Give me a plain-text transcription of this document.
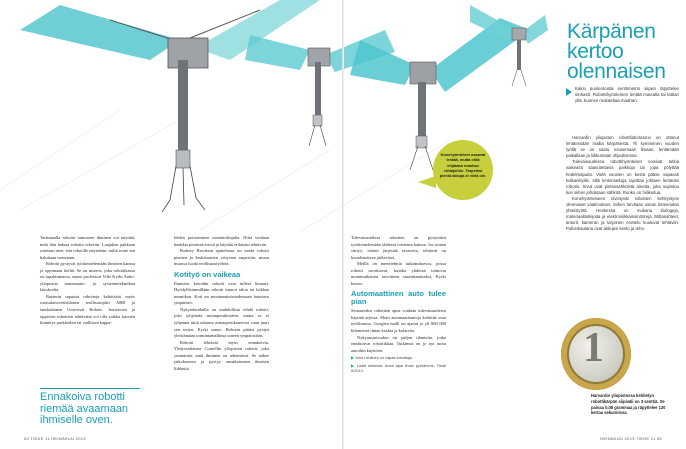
Konehyönteiset osaavat lentää, mutta niitä ohjataan maahan viritajoihin. Tarpeiksi pieniä akkuja ei vielä ole.
Kärpänen
kertoo olennaisen
Kaksi puolentoista senttimetrin siipeä räpyttelee vinhasti. Robottihyönteinen lentää maisalla tai lattian yllä, kunnes mukaeltaa maahan.

Harvardin yliopiston robottilaboratorio on ottanut lentäessään mallia kärpäsestä. Yli kymmenen vuoden työllä se on saatu nousemaan ilmaan, lentämään paikallaan ja liikkumaan ohjauksessa.

Tulevaisuudessa robottihyönteiset voisivat tutkia vaikeasti saavutettavia paikkoja tai jopa pölyttää hedelmäpuita. Vielä vuosien on kestä pääse vapaasti kulkaniityille, sillä lentomatkoja rajoittaa johtaen lentävän robotin, Sivut ovat pietsosähköistä ainetta, joka supistuu kun siihen johdetaan sähköä. Runko on hiilikuitua.

Konehyönteiseen tiivistyvät robottien kehitystyön olennaiset vaatimukset. Siihen tarvitaan usean tieteenalan yhteistyötä. Henkessä on mukana biologeja, materiaalitutkijoita ja elektroniikkainsinöörejä. Mittasuhteet, anturit, kameran ja tarjoinen erottelu kuuluvat tehtäviin. Pullonkaulana ovat akkujen kesto ja teho.

Tarttumalla robotin tuntoseen ihminen voi näyttää, mitä hän haluaa robotin tekevän. Laajakon pakkaan ostetaan nien, että robotille näytetään, miltä esine sen haluttaan nostetaan.

Robotit pystyvät työskentelemään ihmisen kanssa ja oppimaan heiltä. Se on murros, joka robotiikassa on tapahtumassa, sanoo professori Ville Kyrki Aalto-yliopiston automaatio- ja systeemitekniikan laitokselta.

Bazterin tapaisia robotteja kehittävät myös ruotsalaissveitsiläinen teollisuusjätti ABB ja tanskalainen Universal Robots. Joustavien ja oppivien robottien tehtävänä voi olla vaikka kassien kiinnitys purkkeihin tai viallisten kappa-

Ennakoiva robotti riemää avaamaan ihmiselle oven.

leiden poistaminen tuotantolinjalta. Niitä voidaan hankkia pienissä erissä ja käyttää erilaisiin tehtäviin.

Rodney Brooksin ajattelussa on tuoda robotti pienten ja keskisuurten yritysten tarpeisiin, muun muassa luoda teollisuustyöhön.

Kotityö on vaikeaa

Ihmisten kotoihin robotit ovat tulleet hitaasti. Hyödyllisimmillään robotti imuroi talon tai leikkaa nurmikon. Koti on moninaatteisuudessaan haastava ympäristö.

Nykytekniikalla on mahdollista tehdä robotti, joka tyhjentää astianpesukoneen, mutta se ei tyhjennä niitä tahansa astianpesukoneesta vaan juuri sen tietyn. Kyrki sanoo. Robotin pitäisi pystyä yleistämään toimintamallinsa uuteen ympäristöön.

Robotit tehtävät myös ennakoivia. Yhdysvaltaisen Cornellin yliopiston robotti, joka ymmärtää, mitä ihminen on tekemässä. Se näkee jatkokoneen ja pystyy ennakoimaan ihmisen liikkeitä.

Tulevaisuudessa robotien on pystyttävä työskentelemään yhdessä toistensa kanssa. Jos toinen siirtyy, toinen järjestää tavaroita, tehtävät on koordinoitava järkevästi.

Meillä on menetelmiä tutkimuksessa, joissa robotit suorittavat, kuinka yhdessä toimivat monimutkaisen tavoitteen saavuttamiseksi, Kyrki kertoo.

Automaattinen auto tulee pian

Seuraavaksi robottien apua voidaan tulevaisuudessa käyttää arjessa. Moni automaattiautoja kehittää osaa teollisuutta. Googlen malli on ajanut jo yli 800 000 kilometriä ilman kuskia ja kolareita.

Nykyaustoissakin on paljon tilanteita, jotka ennakoivat robotiikkaa. Tutkimus on jo nyt tuotu autoihin käyttöön.

▶ Juha Lehtinen on vapaa toimittaja.
▶ Lisää aiheesta: Autot ajaa ilman pyörämme, Tiede 5/2013.
1
Harvardin yliopistossa kehitetyn robottikärpän siipiväli on 3 senttiä. Se painaa 0,08 grammaa ja räpyttelee 120 kertaa sekunnissa.
54 TIEDE 11 HEINÄKUU 2013	HEINÄKUU 2013 TIEDE 11 55
